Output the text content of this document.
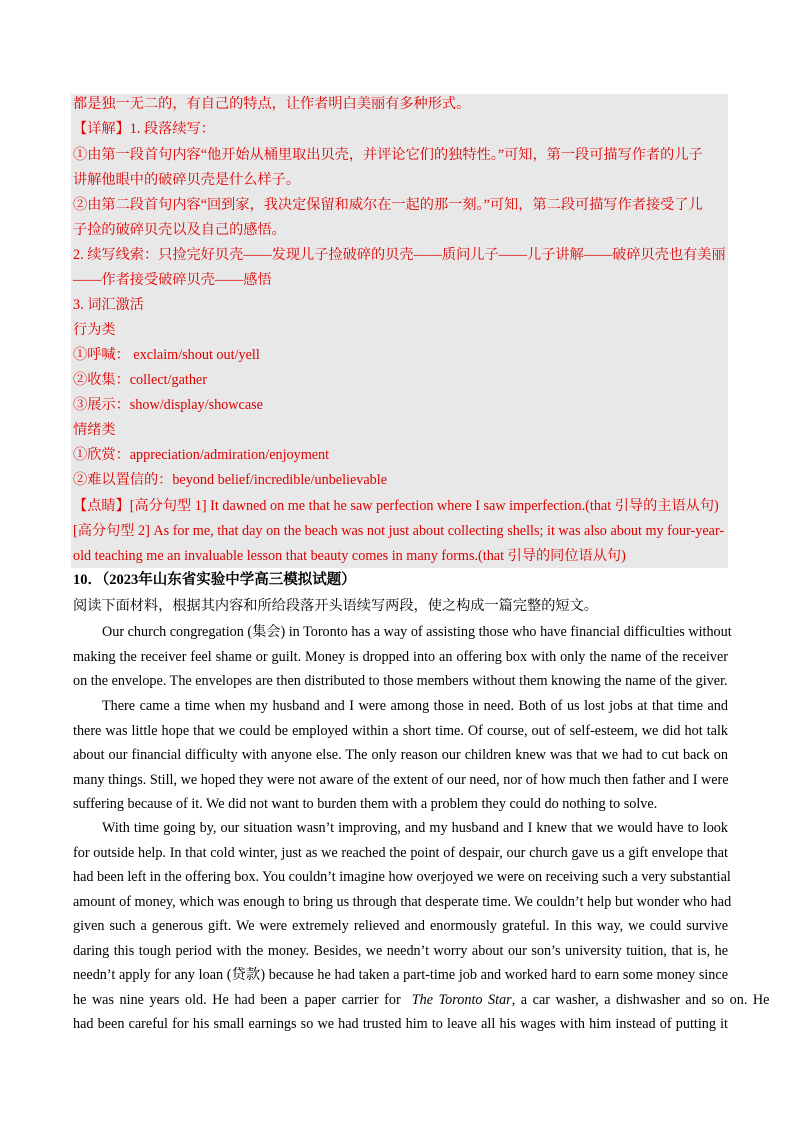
都是独一无二的，有自己的特点，让作者明白美丽有多种形式。
【详解】1. 段落续写：
①由第一段首句内容“他开始从桶里取出贝壳，并评论它们的独特性。”可知，第一段可描写作者的儿子
讲解他眼中的破碎贝壳是什么样子。
②由第二段首句内容“回到家，我决定保留和威尔在一起的那一刻。”可知，第二段可描写作者接受了儿
子捡的破碎贝壳以及自己的感悟。
2. 续写线索：只捡完好贝壳——发现儿子捡破碎的贝壳——质问儿子——儿子讲解——破碎贝壳也有美丽
——作者接受破碎贝壳——感悟
3. 词汇激活
行为类
①呼喊： exclaim/shout out/yell
②收集：collect/gather
③展示：show/display/showcase
情绪类
①欣赏：appreciation/admiration/enjoyment
②难以置信的：beyond belief/incredible/unbelievable
【点睛】[高分句型 1] It dawned on me that he saw perfection where I saw imperfection.(that 引导的主语从句)
[高分句型 2] As for me, that day on the beach was not just about collecting shells; it was also about my four-year-
old teaching me an invaluable lesson that beauty comes in many forms.(that 引导的同位语从句)
10．（2023年山东省实验中学高三模拟试题）
阅读下面材料，根据其内容和所给段落开头语续写两段，使之构成一篇完整的短文。
Our church congregation (集会) in Toronto has a way of assisting those who have financial difficulties without
making the receiver feel shame or guilt. Money is dropped into an offering box with only the name of the receiver
on the envelope. The envelopes are then distributed to those members without them knowing the name of the giver.
There came a time when my husband and I were among those in need. Both of us lost jobs at that time and
there was little hope that we could be employed within a short time. Of course, out of self-esteem, we did hot talk
about our financial difficulty with anyone else. The only reason our children knew was that we had to cut back on
many things. Still, we hoped they were not aware of the extent of our need, nor of how much then father and I were
suffering because of it. We did not want to burden them with a problem they could do nothing to solve.
With time going by, our situation wasn’t improving, and my husband and I knew that we would have to look
for outside help. In that cold winter, just as we reached the point of despair, our church gave us a gift envelope that
had been left in the offering box. You couldn’t imagine how overjoyed we were on receiving such a very substantial
amount of money, which was enough to bring us through that desperate time. We couldn’t help but wonder who had
given such a generous gift. We were extremely relieved and enormously grateful. In this way, we could survive
daring this tough period with the money. Besides, we needn’t worry about our son’s university tuition, that is, he
needn’t apply for any loan (贷款) because he had taken a part-time job and worked hard to earn some money since
he was nine years old. He had been a paper carrier for The Toronto Star, a car washer, a dishwasher and so on. He
had been careful for his small earnings so we had trusted him to leave all his wages with him instead of putting it
